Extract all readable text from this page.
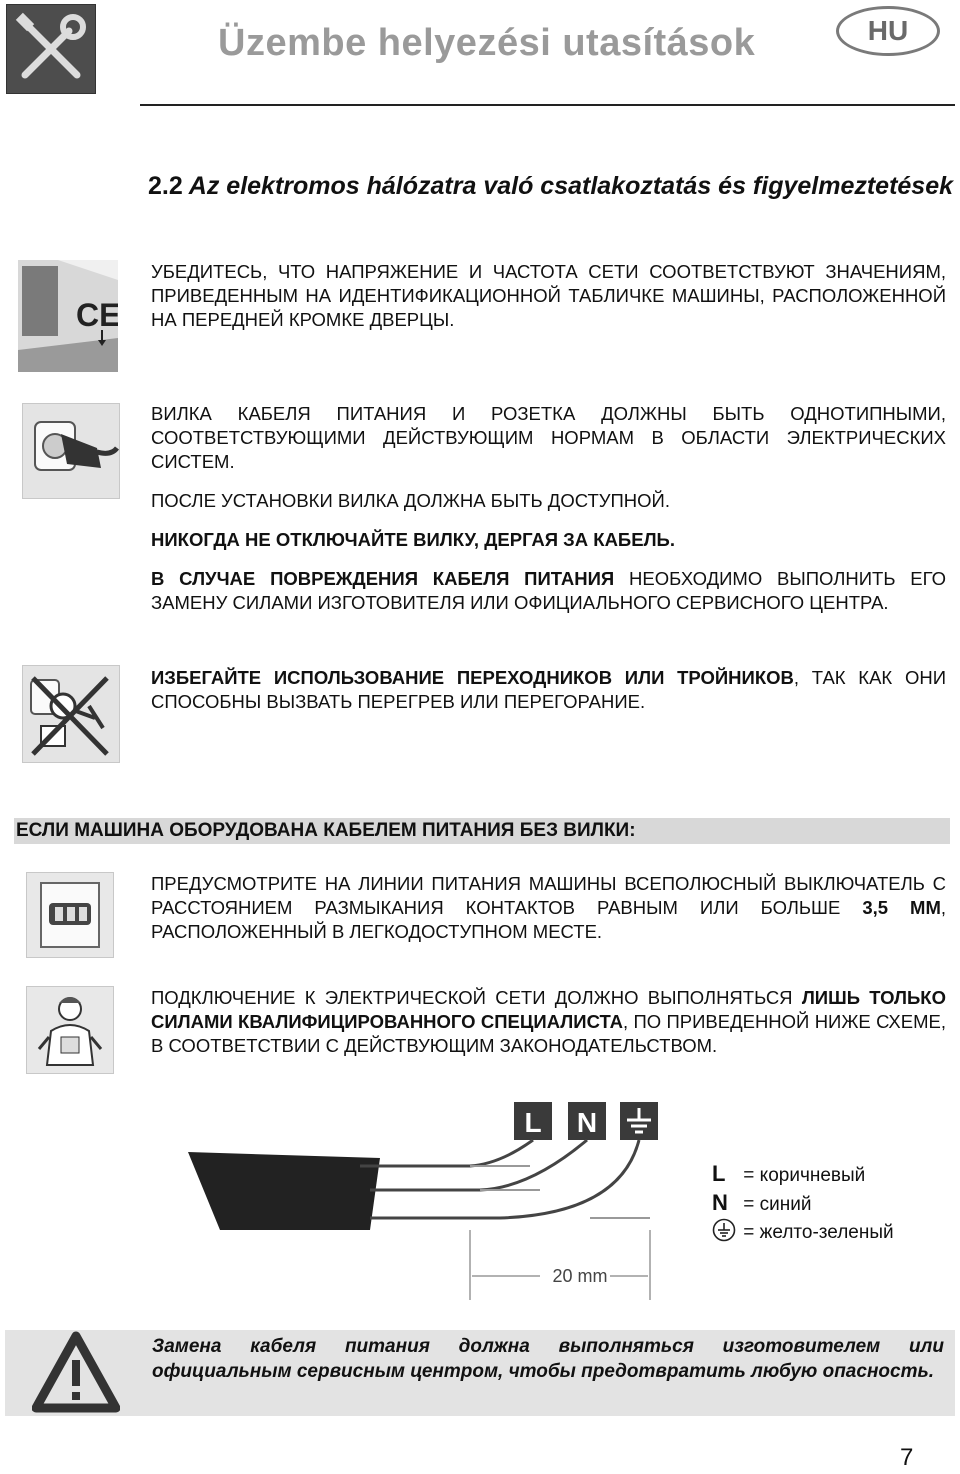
Üzembe helyezési utasítások	HU
2.2 Az elektromos hálózatra való csatlakoztatás és figyelmeztetések
CE
УБЕДИТЕСЬ, ЧТО НАПРЯЖЕНИЕ И ЧАСТОТА СЕТИ СООТВЕТСТВУЮТ ЗНАЧЕНИЯМ, ПРИВЕДЕННЫМ НА ИДЕНТИФИКАЦИОННОЙ ТАБЛИЧКЕ МАШИНЫ, РАСПОЛОЖЕННОЙ НА ПЕРЕДНЕЙ КРОМКЕ ДВЕРЦЫ.
ВИЛКА КАБЕЛЯ ПИТАНИЯ И РОЗЕТКА ДОЛЖНЫ БЫТЬ ОДНОТИПНЫМИ, СООТВЕТСТВУЮЩИМИ ДЕЙСТВУЮЩИМ НОРМАМ В ОБЛАСТИ ЭЛЕКТРИЧЕСКИХ СИСТЕМ.
ПОСЛЕ УСТАНОВКИ ВИЛКА ДОЛЖНА БЫТЬ ДОСТУПНОЙ.
НИКОГДА НЕ ОТКЛЮЧАЙТЕ ВИЛКУ, ДЕРГАЯ ЗА КАБЕЛЬ.
В СЛУЧАЕ ПОВРЕЖДЕНИЯ КАБЕЛЯ ПИТАНИЯ НЕОБХОДИМО ВЫПОЛНИТЬ ЕГО ЗАМЕНУ СИЛАМИ ИЗГОТОВИТЕЛЯ ИЛИ ОФИЦИАЛЬНОГО СЕРВИСНОГО ЦЕНТРА.
ИЗБЕГАЙТЕ ИСПОЛЬЗОВАНИЕ ПЕРЕХОДНИКОВ ИЛИ ТРОЙНИКОВ, ТАК КАК ОНИ СПОСОБНЫ ВЫЗВАТЬ ПЕРЕГРЕВ ИЛИ ПЕРЕГОРАНИЕ.
ЕСЛИ МАШИНА ОБОРУДОВАНА КАБЕЛЕМ ПИТАНИЯ БЕЗ ВИЛКИ:
ПРЕДУСМОТРИТЕ НА ЛИНИИ ПИТАНИЯ МАШИНЫ ВСЕПОЛЮСНЫЙ ВЫКЛЮЧАТЕЛЬ С РАССТОЯНИЕМ РАЗМЫКАНИЯ КОНТАКТОВ РАВНЫМ ИЛИ БОЛЬШЕ 3,5 ММ, РАСПОЛОЖЕННЫЙ В ЛЕГКОДОСТУПНОМ МЕСТЕ.
ПОДКЛЮЧЕНИЕ К ЭЛЕКТРИЧЕСКОЙ СЕТИ ДОЛЖНО ВЫПОЛНЯТЬСЯ ЛИШЬ ТОЛЬКО СИЛАМИ КВАЛИФИЦИРОВАННОГО СПЕЦИАЛИСТА, ПО ПРИВЕДЕННОЙ НИЖЕ СХЕМЕ, В СООТВЕТСТВИИ С ДЕЙСТВУЮЩИМ ЗАКОНОДАТЕЛЬСТВОМ.
L N
20 mm
L = коричневый
N = синий
= желто-зеленый
Замена кабеля питания должна выполняться изготовителем или официальным сервисным центром, чтобы предотвратить любую опасность.
7
